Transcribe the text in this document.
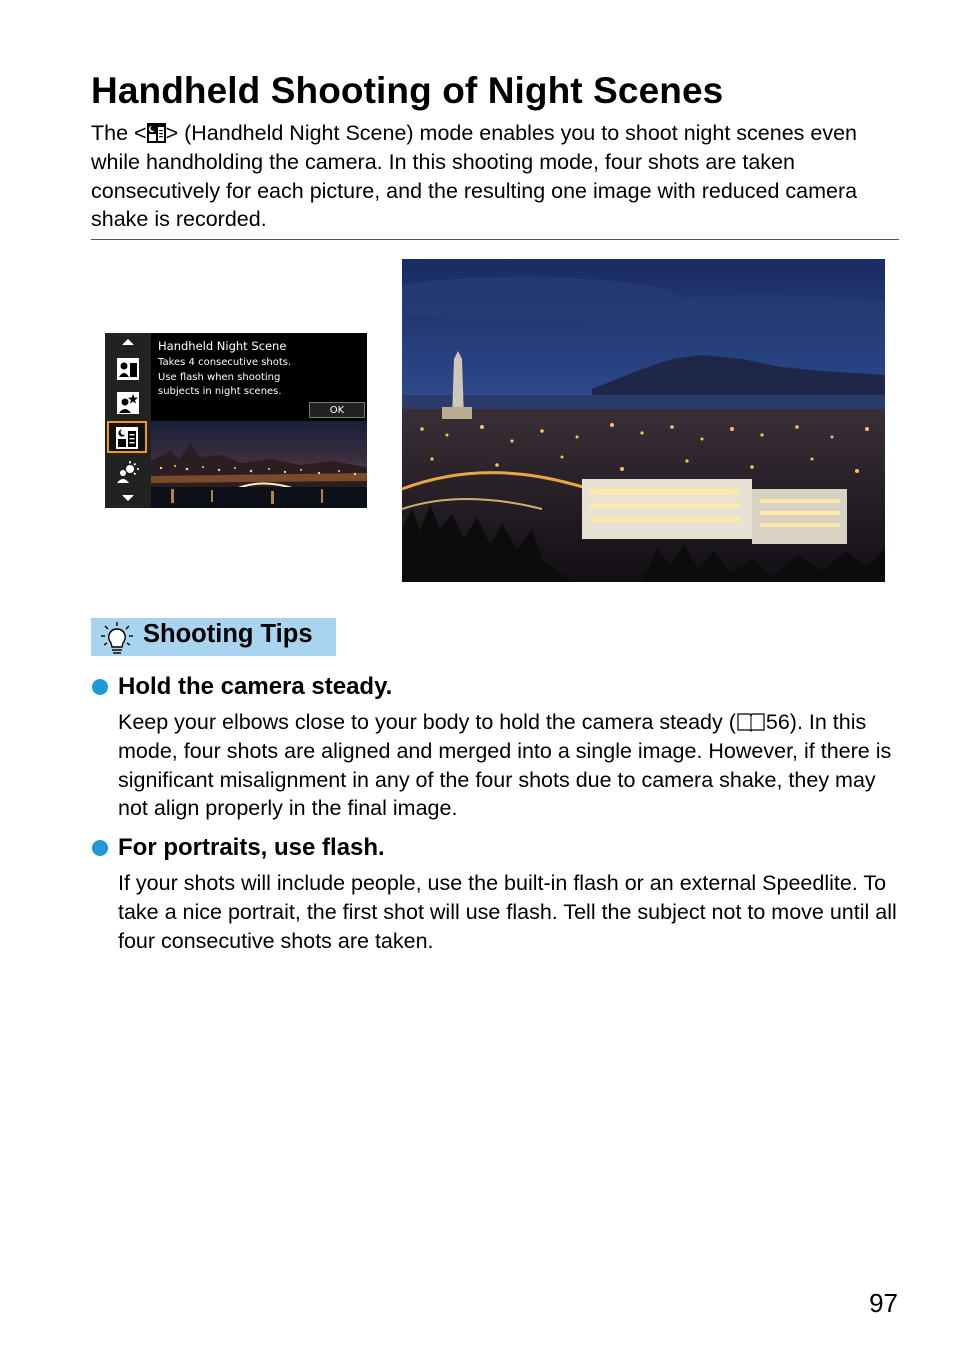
Handheld Shooting of Night Scenes
The < > (Handheld Night Scene) mode enables you to shoot night scenes even while handholding the camera. In this shooting mode, four shots are taken consecutively for each picture, and the resulting one image with reduced camera shake is recorded.
Handheld Night Scene
Takes 4 consecutive shots.
Use flash when shooting
subjects in night scenes.
OK
Shooting Tips
Hold the camera steady.
Keep your elbows close to your body to hold the camera steady ( 56). In this mode, four shots are aligned and merged into a single image. However, if there is significant misalignment in any of the four shots due to camera shake, they may not align properly in the final image.
For portraits, use flash.
If your shots will include people, use the built-in flash or an external Speedlite. To take a nice portrait, the first shot will use flash. Tell the subject not to move until all four consecutive shots are taken.
97
